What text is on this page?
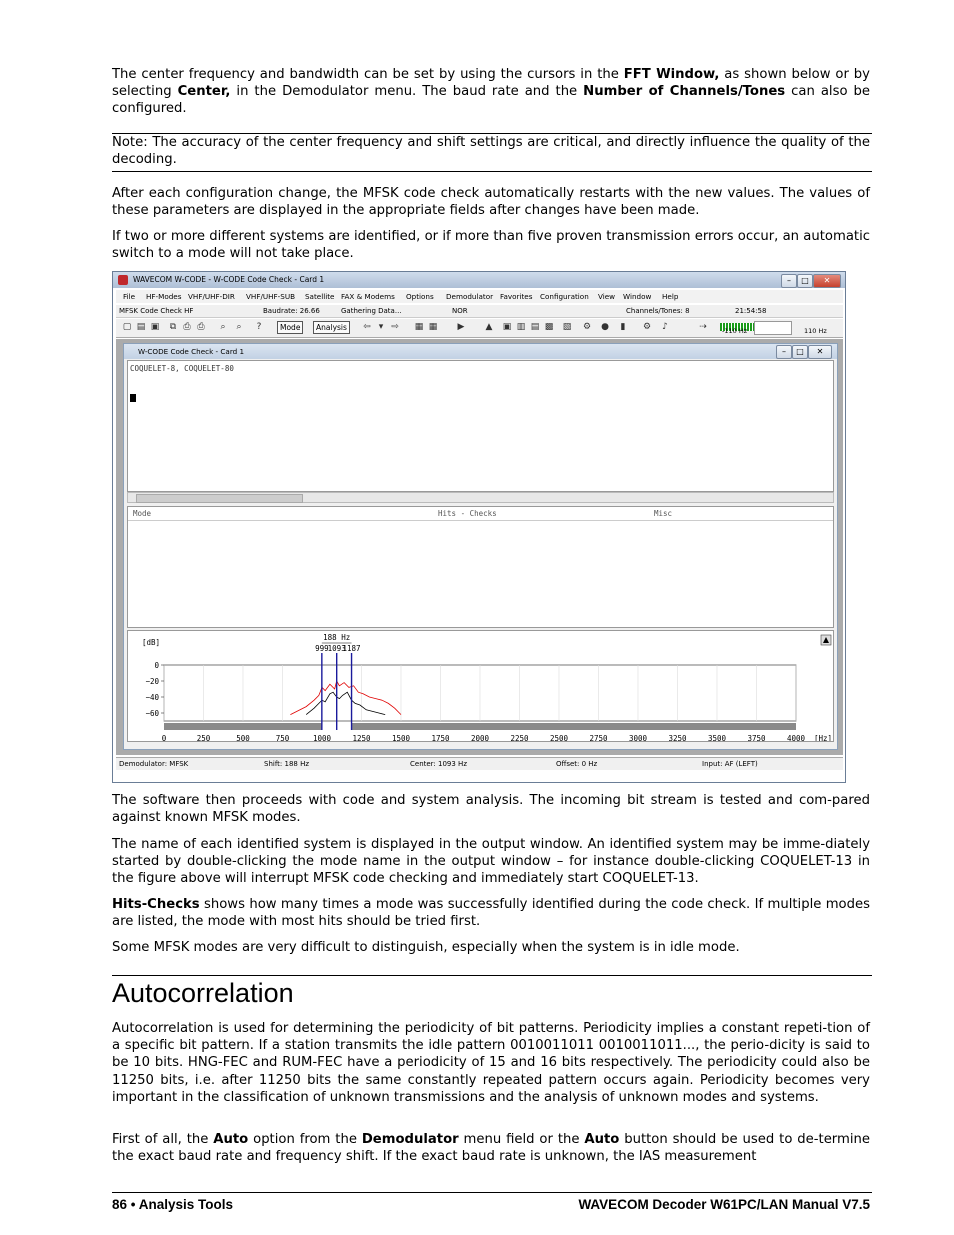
The center frequency and bandwidth can be set by using the cursors in the FFT Window, as shown below or by selecting Center, in the Demodulator menu. The baud rate and the Number of Channels/Tones can also be configured.

Note: The accuracy of the center frequency and shift settings are critical, and directly influence the quality of the decoding.

After each configuration change, the MFSK code check automatically restarts with the new values. The values of these parameters are displayed in the appropriate fields after changes have been made.

If two or more different systems are identified, or if more than five proven transmission errors occur, an automatic switch to a mode will not take place.

WAVECOM W-CODE - W-CODE Code Check - Card 1	–	□	✕
File HF-Modes VHF/UHF-DIR VHF/UHF-SUB Satellite FAX & Modems Options Demodulator Favorites Configuration View Window Help
MFSK Code Check HF	Baudrate: 26.66	Gathering Data...	NOR	Channels/Tones: 8	21:54:58
▢ ▤ ▣ ⧉ ⎙ ⎙ ⌕ ⌕ ?	Mode	Analysis	⇦ ▾ ⇨ ▦ ▦ ▶ ▲ ▣ ▥ ▤ ▩ ▧ ⚙ ● ▮ ⚙ ♪	⇢ -110 Hz	110 Hz
W-CODE Code Check - Card 1	–	□	✕
COQUELET-8, COQUELET-80
Mode	Hits - Checks	Misc
0	250	500	750	1000	1250	1500	1750	2000	2250	2500	2750	3000	3250	3500	3750	4000
0
−20
−40
−60
[dB]
[Hz]
999 1093
1187
188 Hz
Demodulator: MFSK	Shift: 188 Hz	Center: 1093 Hz	Offset: 0 Hz	Input: AF (LEFT)

The software then proceeds with code and system analysis. The incoming bit stream is tested and com-pared against known MFSK modes.

The name of each identified system is displayed in the output window. An identified system may be imme-diately started by double-clicking the mode name in the output window – for instance double-clicking COQUELET-13 in the figure above will interrupt MFSK code checking and immediately start COQUELET-13.

Hits-Checks shows how many times a mode was successfully identified during the code check. If multiple modes are listed, the mode with most hits should be tried first.

Some MFSK modes are very difficult to distinguish, especially when the system is in idle mode.

Autocorrelation

Autocorrelation is used for determining the periodicity of bit patterns. Periodicity implies a constant repeti-tion of a specific bit pattern. If a station transmits the idle pattern 0010011011 0010011011..., the perio-dicity is said to be 10 bits. HNG-FEC and RUM-FEC have a periodicity of 15 and 16 bits respectively. The periodicity could also be 11250 bits, i.e. after 11250 bits the same constantly repeated pattern occurs again. Periodicity becomes very important in the classification of unknown transmissions and the analysis of unknown modes and systems.

First of all, the Auto option from the Demodulator menu field or the Auto button should be used to de-termine the exact baud rate and frequency shift. If the exact baud rate is unknown, the IAS measurement

86 • Analysis Tools	WAVECOM Decoder W61PC/LAN Manual V7.5
